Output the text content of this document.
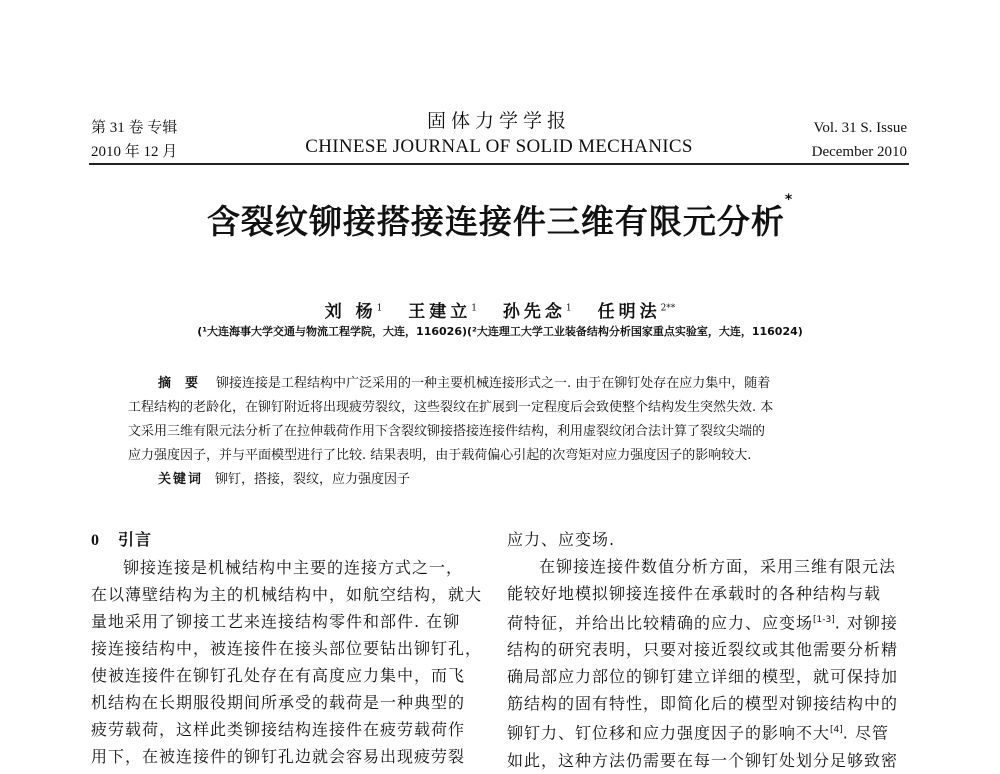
第 31 卷 专辑
2010 年 12 月
固体力学学报
CHINESE JOURNAL OF SOLID MECHANICS
Vol. 31 S. Issue
December 2010
含裂纹铆接搭接连接件三维有限元分析*
刘 杨$^1$ 王建立$^1$ 孙先念$^1$ 任明法$^{2**}$
(¹大连海事大学交通与物流工程学院，大连，116026)(²大连理工大学工业装备结构分析国家重点实验室，大连，116024)
摘要 铆接连接是工程结构中广泛采用的一种主要机械连接形式之一. 由于在铆钉处存在应力集中，随着
工程结构的老龄化，在铆钉附近将出现疲劳裂纹，这些裂纹在扩展到一定程度后会致使整个结构发生突然失效. 本
文采用三维有限元法分析了在拉伸载荷作用下含裂纹铆接搭接连接件结构，利用虚裂纹闭合法计算了裂纹尖端的
应力强度因子，并与平面模型进行了比较. 结果表明，由于载荷偏心引起的次弯矩对应力强度因子的影响较大.
关键词 铆钉，搭接，裂纹，应力强度因子
0 引言
铆接连接是机械结构中主要的连接方式之一，
在以薄壁结构为主的机械结构中，如航空结构，就大
量地采用了铆接工艺来连接结构零件和部件. 在铆
接连接结构中，被连接件在接头部位要钻出铆钉孔，
使被连接件在铆钉孔处存在有高度应力集中，而飞
机结构在长期服役期间所承受的载荷是一种典型的
疲劳载荷，这样此类铆接结构连接件在疲劳载荷作
用下，在被连接件的铆钉孔边就会容易出现疲劳裂
应力、应变场.
在铆接连接件数值分析方面，采用三维有限元法
能较好地模拟铆接连接件在承载时的各种结构与载
荷特征，并给出比较精确的应力、应变场[1-3]. 对铆接
结构的研究表明，只要对接近裂纹或其他需要分析精
确局部应力部位的铆钉建立详细的模型，就可保持加
筋结构的固有特性，即简化后的模型对铆接结构中的
铆钉力、钉位移和应力强度因子的影响不大[4]. 尽管
如此，这种方法仍需要在每一个铆钉处划分足够致密
